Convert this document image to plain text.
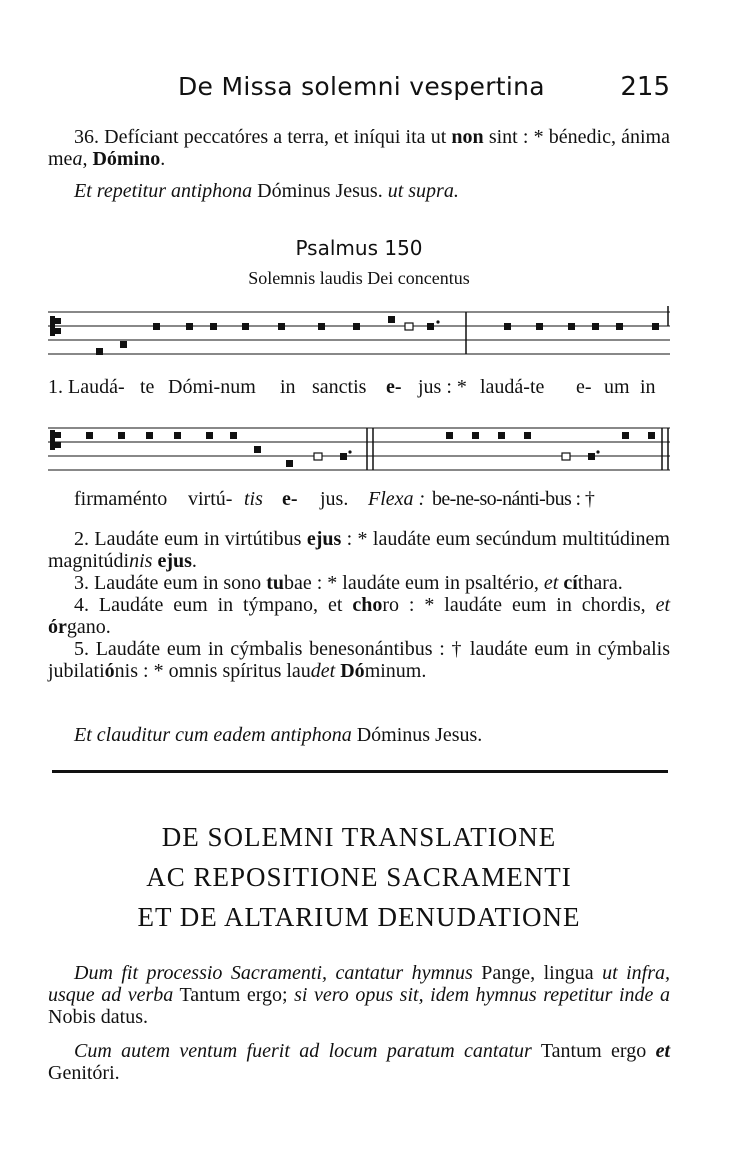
De Missa solemni vespertina	215
36. Defíciant peccatóres a terra, et iníqui ita ut non sint : * bénedic, ánima mea, Dómino.
Et repetitur antiphona Dóminus Jesus. ut supra.
Psalmus 150
Solemnis laudis Dei concentus
1. Laudá- te Dómi-num in sanctis e- jus : * laudá-te e- um in
firmaménto virtú- tis e- jus. Flexa : be-ne-so-nánti-bus : †

2. Laudáte eum in virtútibus ejus : * laudáte eum secúndum multitúdinem magnitúdinis ejus.

3. Laudáte eum in sono tubae : * laudáte eum in psaltério, et cíthara.

4. Laudáte eum in týmpano, et choro : * laudáte eum in chordis, et órgano.

5. Laudáte eum in cýmbalis benesonántibus : † laudáte eum in cýmbalis jubilatiónis : * omnis spíritus laudet Dóminum.

Et clauditur cum eadem antiphona Dóminus Jesus.
DE SOLEMNI TRANSLATIONE
AC REPOSITIONE SACRAMENTI
ET DE ALTARIUM DENUDATIONE
Dum fit processio Sacramenti, cantatur hymnus Pange, lingua ut infra, usque ad verba Tantum ergo; si vero opus sit, idem hymnus repetitur inde a Nobis datus.
Cum autem ventum fuerit ad locum paratum cantatur Tantum ergo et Genitóri.
